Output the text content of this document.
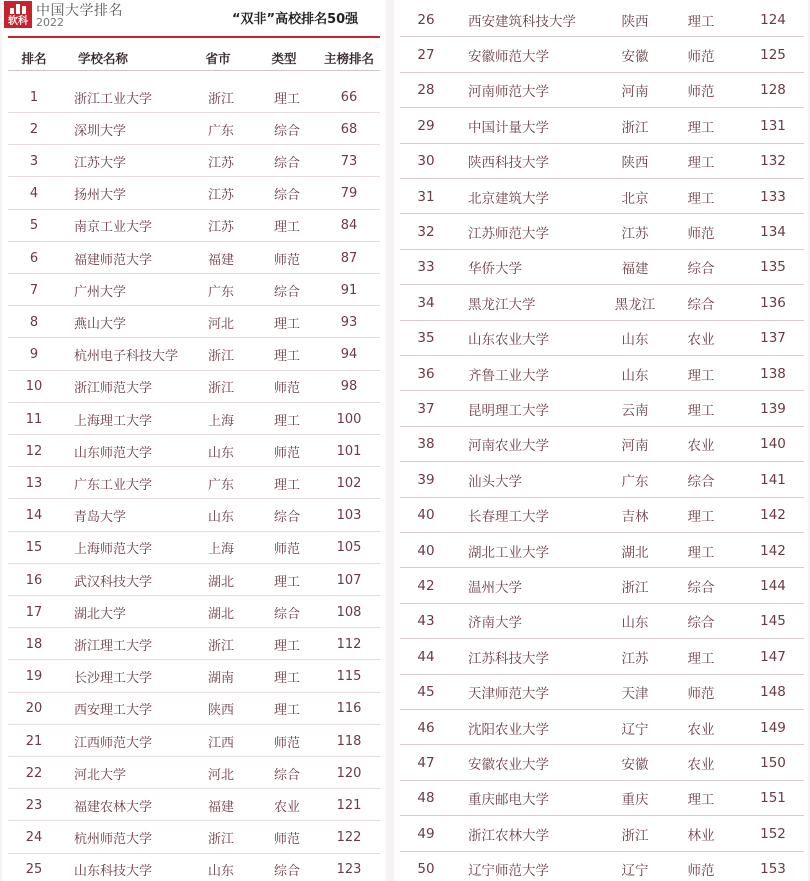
软科
中国大学排名
2022	“双非”高校排名50强
排名	学校名称	省市	类型	主榜排名
1	浙江工业大学	浙江	理工	66
2	深圳大学	广东	综合	68
3	江苏大学	江苏	综合	73
4	扬州大学	江苏	综合	79
5	南京工业大学	江苏	理工	84
6	福建师范大学	福建	师范	87
7	广州大学	广东	综合	91
8	燕山大学	河北	理工	93
9	杭州电子科技大学	浙江	理工	94
10	浙江师范大学	浙江	师范	98
11	上海理工大学	上海	理工	100
12	山东师范大学	山东	师范	101
13	广东工业大学	广东	理工	102
14	青岛大学	山东	综合	103
15	上海师范大学	上海	师范	105
16	武汉科技大学	湖北	理工	107
17	湖北大学	湖北	综合	108
18	浙江理工大学	浙江	理工	112
19	长沙理工大学	湖南	理工	115
20	西安理工大学	陕西	理工	116
21	江西师范大学	江西	师范	118
22	河北大学	河北	综合	120
23	福建农林大学	福建	农业	121
24	杭州师范大学	浙江	师范	122
25	山东科技大学	山东	综合	123
26	西安建筑科技大学	陕西	理工	124
27	安徽师范大学	安徽	师范	125
28	河南师范大学	河南	师范	128
29	中国计量大学	浙江	理工	131
30	陕西科技大学	陕西	理工	132
31	北京建筑大学	北京	理工	133
32	江苏师范大学	江苏	师范	134
33	华侨大学	福建	综合	135
34	黑龙江大学	黑龙江	综合	136
35	山东农业大学	山东	农业	137
36	齐鲁工业大学	山东	理工	138
37	昆明理工大学	云南	理工	139
38	河南农业大学	河南	农业	140
39	汕头大学	广东	综合	141
40	长春理工大学	吉林	理工	142
40	湖北工业大学	湖北	理工	142
42	温州大学	浙江	综合	144
43	济南大学	山东	综合	145
44	江苏科技大学	江苏	理工	147
45	天津师范大学	天津	师范	148
46	沈阳农业大学	辽宁	农业	149
47	安徽农业大学	安徽	农业	150
48	重庆邮电大学	重庆	理工	151
49	浙江农林大学	浙江	林业	152
50	辽宁师范大学	辽宁	师范	153
